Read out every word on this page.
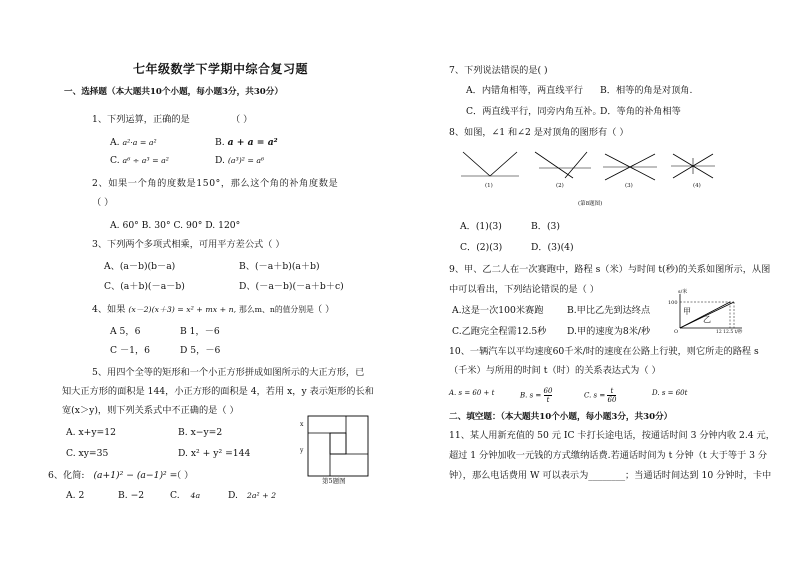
七年级数学下学期中综合复习题
一、选择题（本大题共10个小题，每小题3分，共30分）
1、下列运算，正确的是	（ ）
A. a²·a = a²	B. a + a = a²
C. a⁶ ÷ a³ = a²	D. (a³)² = a⁶
2、如果一个角的度数是150°，那么这个角的补角度数是
（ ）
A. 60° B. 30° C. 90° D. 120°
3、下列两个多项式相乘，可用平方差公式（ ）
A、(a－b)(b－a)	B、(－a＋b)(a＋b)
C、(a＋b)(－a－b)	D、(－a－b)(－a＋b＋c)
4、如果 (x－2)(x＋3) = x² + mx + n, 那么m、n的值分别是 （ ）
A 5，6	B 1，－6
C －1，6	D 5，－6
5、用四个全等的矩形和一个小正方形拼成如图所示的大正方形，已
知大正方形的面积是 144，小正方形的面积是 4，若用 x，y 表示矩形的长和
宽(x＞y)，则下列关系式中不正确的是（ ）
A. x+y=12	B. x−y=2
C. xy=35	D. x² + y² =144
x
y
第5题图
6、化简: (a+1)² − (a−1)² =
（ ）
A. 2	B. −2	C. 4a	D. 2a² + 2
7、下列说法错误的是( )
A．内错角相等，两直线平行 B．相等的角是对顶角.
C．两直线平行，同旁内角互补。
D．等角的补角相等
8、如图，∠1 和∠2 是对顶角的图形有（ ）
(1)	(2)	(3)	(4)
(第8题图)
A．(1)(3)	B．(3)
C．(2)(3)	D．(3)(4)
9、甲、乙二人在一次赛跑中，路程 s（米）与时间 t(秒)的关系如图所示，从图
中可以看出，下列结论错误的是（ ）
A.这是一次100米赛跑	B.甲比乙先到达终点
C.乙跑完全程需12.5秒 D.甲的速度为8米/秒
s/米
100
甲
乙
O	12 12.5 t/秒
10、一辆汽车以平均速度60千米/时的速度在公路上行驶，则它所走的路程 s
（千米）与所用的时间 t（时）的关系表达式为（ ）
A. s = 60 + t	B. $s = \frac{60}{t}$	C. $s = \frac{t}{60}$	D. s = 60t
二、填空题：（本大题共10个小题，每小题3分，共30分）
11、某人用新充值的 50 元 IC 卡打长途电话，按通话时间 3 分钟内收 2.4 元，
超过 1 分钟加收一元钱的方式缴纳话费.若通话时间为 t 分钟（t 大于等于 3 分
钟），那么电话费用 W 可以表示为________；当通话时间达到 10 分钟时，卡中
